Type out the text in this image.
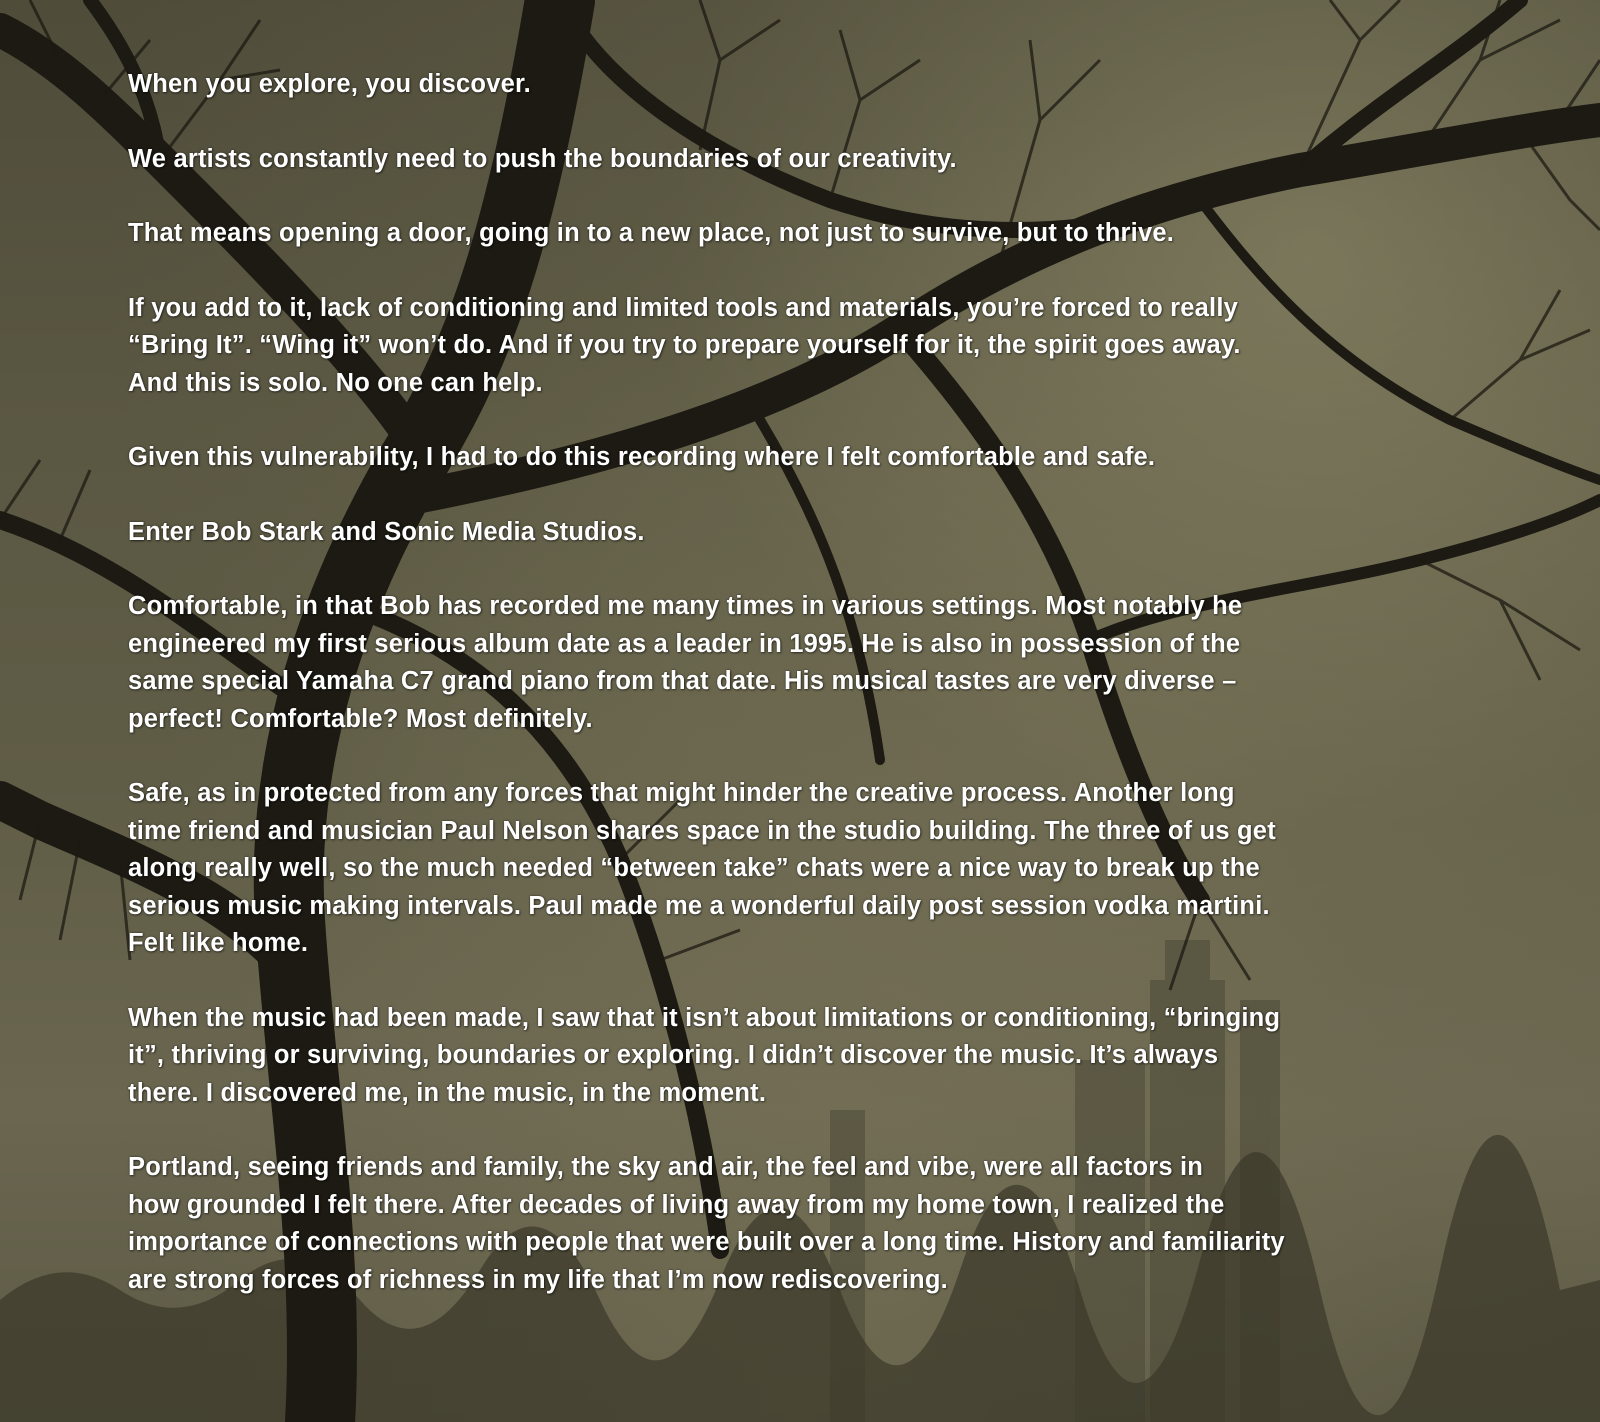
When you explore, you discover.

We artists constantly need to push the boundaries of our creativity.

That means opening a door, going in to a new place, not just to survive, but to thrive.

If you add to it, lack of conditioning and limited tools and materials, you’re forced to really
“Bring It”. “Wing it” won’t do. And if you try to prepare yourself for it, the spirit goes away.
And this is solo. No one can help.

Given this vulnerability, I had to do this recording where I felt comfortable and safe.

Enter Bob Stark and Sonic Media Studios.

Comfortable, in that Bob has recorded me many times in various settings. Most notably he
engineered my first serious album date as a leader in 1995. He is also in possession of the
same special Yamaha C7 grand piano from that date. His musical tastes are very diverse –
perfect! Comfortable? Most definitely.

Safe, as in protected from any forces that might hinder the creative process. Another long
time friend and musician Paul Nelson shares space in the studio building. The three of us get
along really well, so the much needed “between take” chats were a nice way to break up the
serious music making intervals. Paul made me a wonderful daily post session vodka martini.
Felt like home.

When the music had been made, I saw that it isn’t about limitations or conditioning, “bringing
it”, thriving or surviving, boundaries or exploring. I didn’t discover the music. It’s always
there. I discovered me, in the music, in the moment.

Portland, seeing friends and family, the sky and air, the feel and vibe, were all factors in
how grounded I felt there. After decades of living away from my home town, I realized the
importance of connections with people that were built over a long time. History and familiarity
are strong forces of richness in my life that I’m now rediscovering.
